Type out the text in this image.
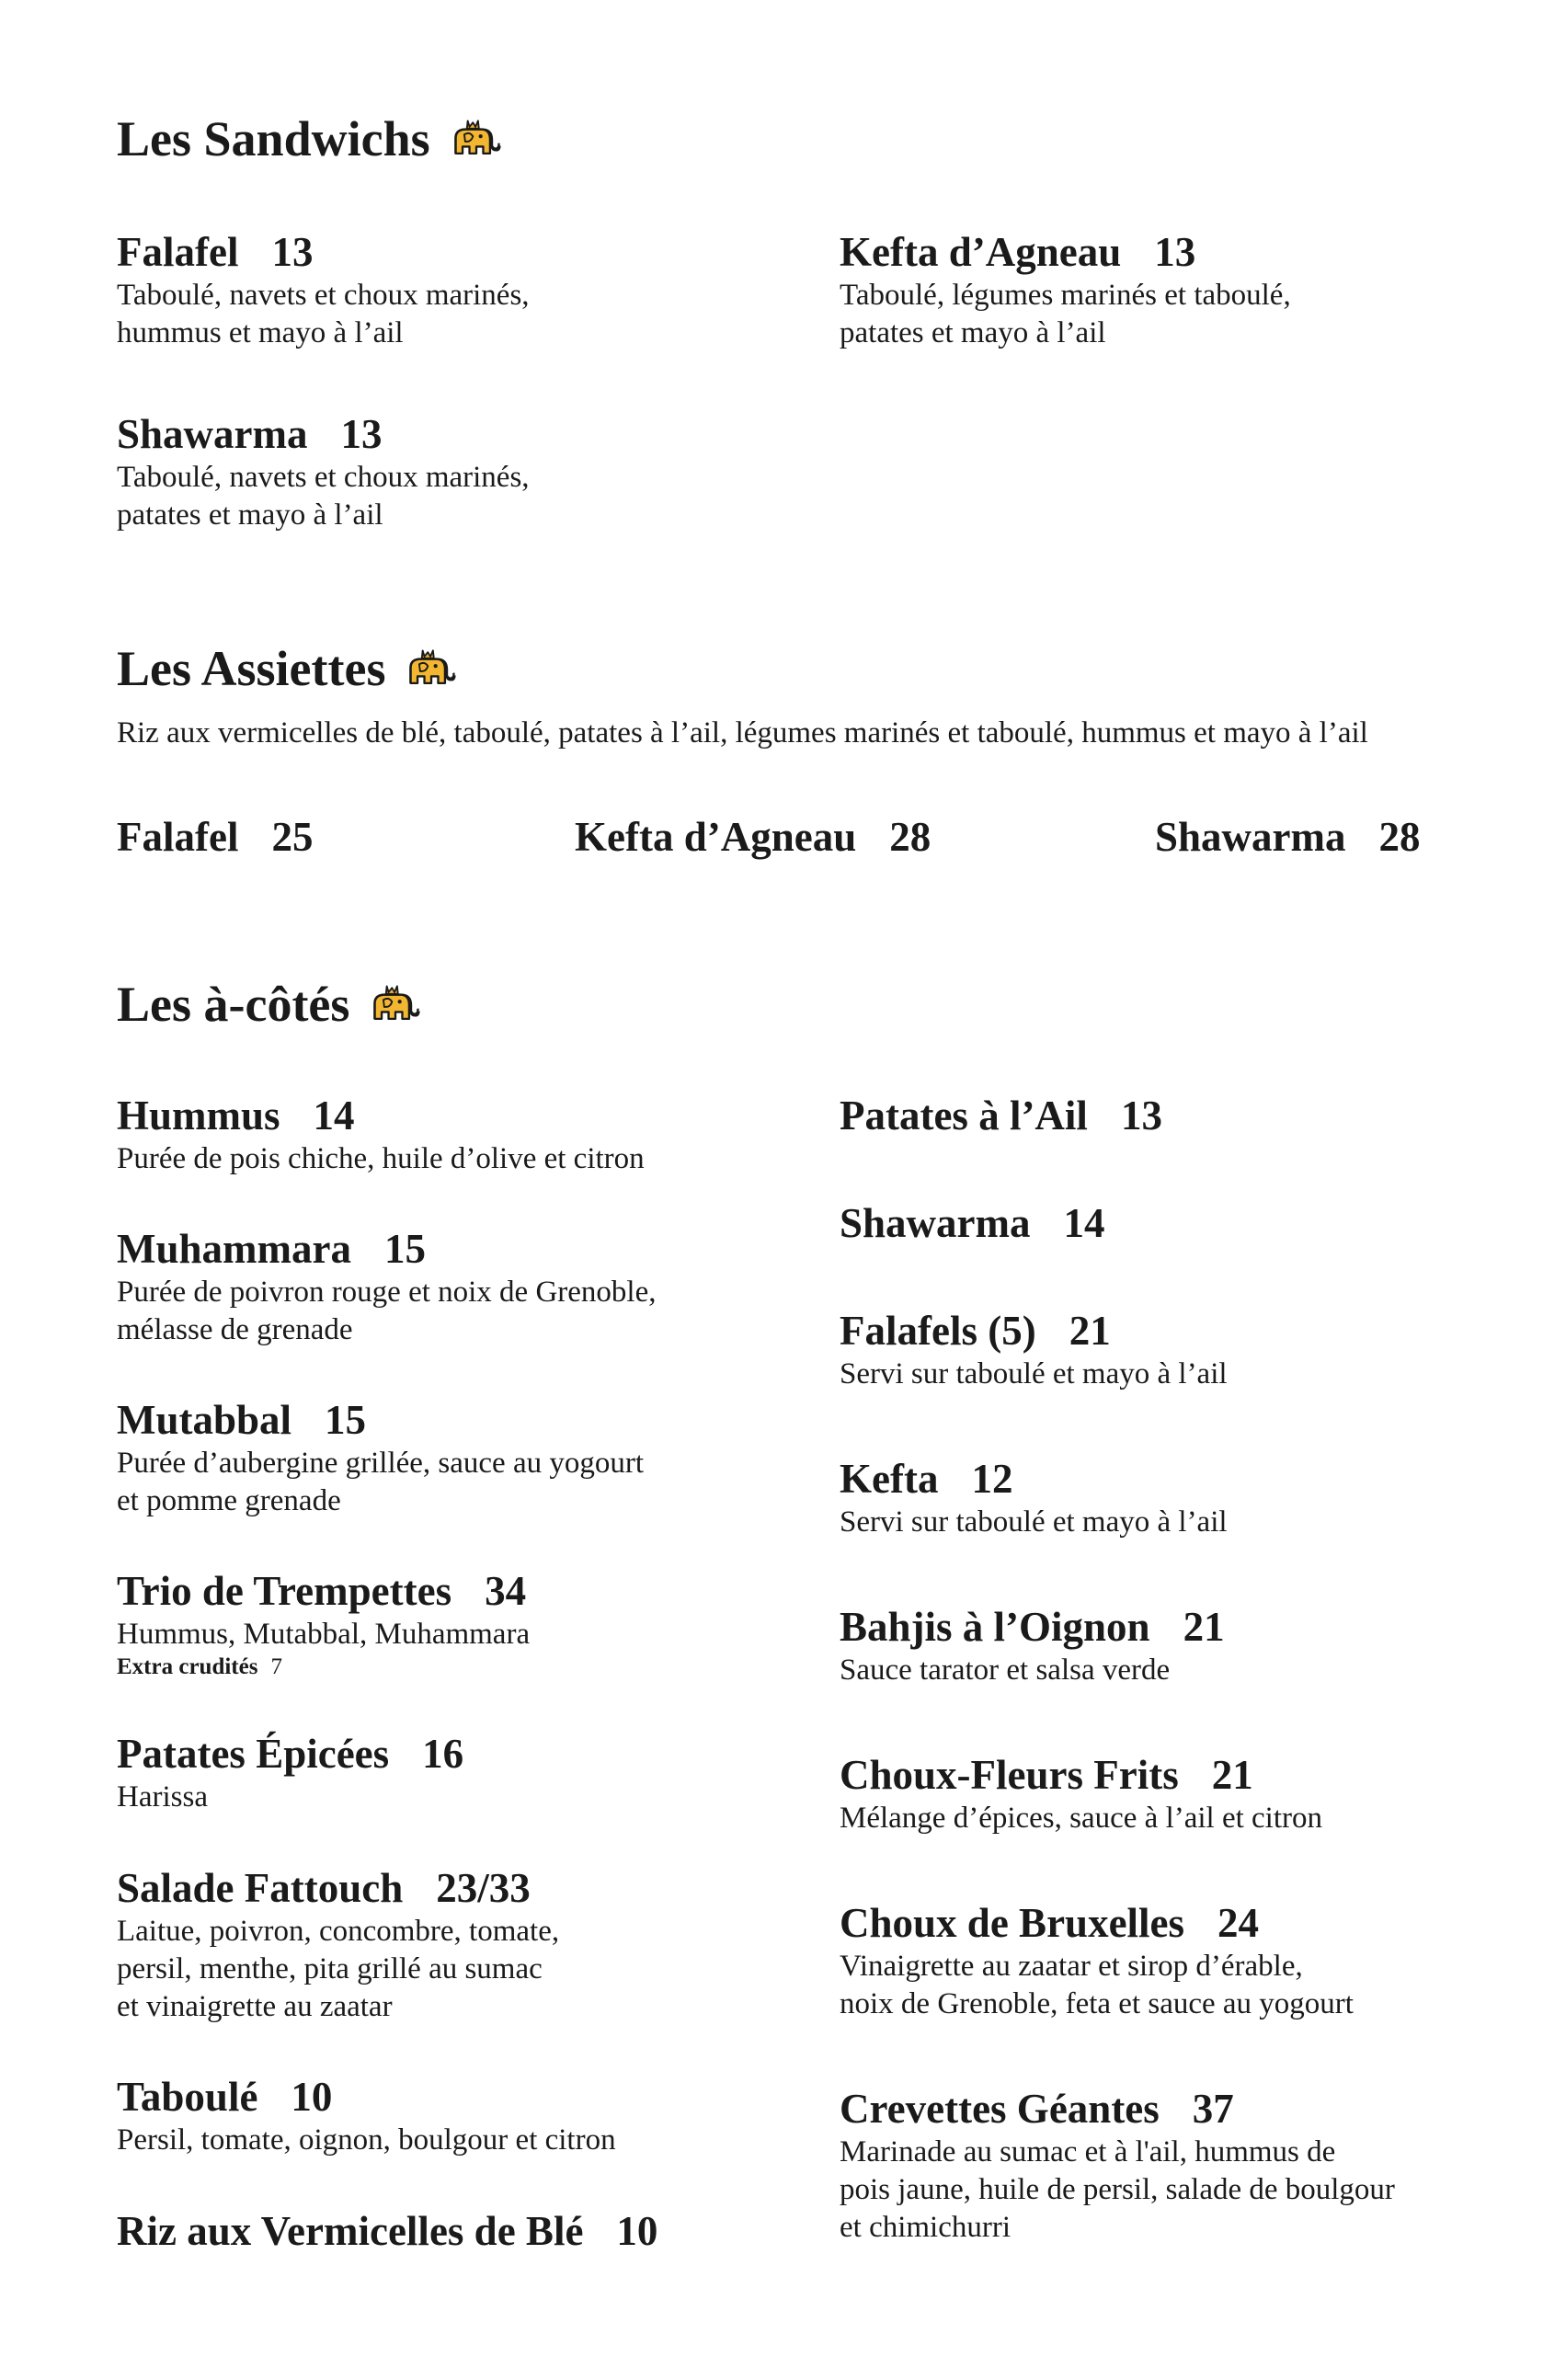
Les Sandwichs
Falafel 13
Taboulé, navets et choux marinés,
hummus et mayo à l’ail
Kefta d’Agneau 13
Taboulé, légumes marinés et taboulé,
patates et mayo à l’ail
Shawarma 13
Taboulé, navets et choux marinés,
patates et mayo à l’ail
Les Assiettes
Riz aux vermicelles de blé, taboulé, patates à l’ail, légumes marinés et taboulé, hummus et mayo à l’ail
Falafel 25	Kefta d’Agneau 28	Shawarma 28
Les à-côtés
Hummus 14
Purée de pois chiche, huile d’olive et citron
Muhammara 15
Purée de poivron rouge et noix de Grenoble,
mélasse de grenade
Mutabbal 15
Purée d’aubergine grillée, sauce au yogourt
et pomme grenade
Trio de Trempettes 34
Hummus, Mutabbal, Muhammara
Extra crudités 7
Patates Épicées 16
Harissa
Salade Fattouch 23/33
Laitue, poivron, concombre, tomate,
persil, menthe, pita grillé au sumac
et vinaigrette au zaatar
Taboulé 10
Persil, tomate, oignon, boulgour et citron
Riz aux Vermicelles de Blé 10
Patates à l’Ail 13
Shawarma 14
Falafels (5) 21
Servi sur taboulé et mayo à l’ail
Kefta 12
Servi sur taboulé et mayo à l’ail
Bahjis à l’Oignon 21
Sauce tarator et salsa verde
Choux-Fleurs Frits 21
Mélange d’épices, sauce à l’ail et citron
Choux de Bruxelles 24
Vinaigrette au zaatar et sirop d’érable,
noix de Grenoble, feta et sauce au yogourt
Crevettes Géantes 37
Marinade au sumac et à l'ail, hummus de
pois jaune, huile de persil, salade de boulgour
et chimichurri
